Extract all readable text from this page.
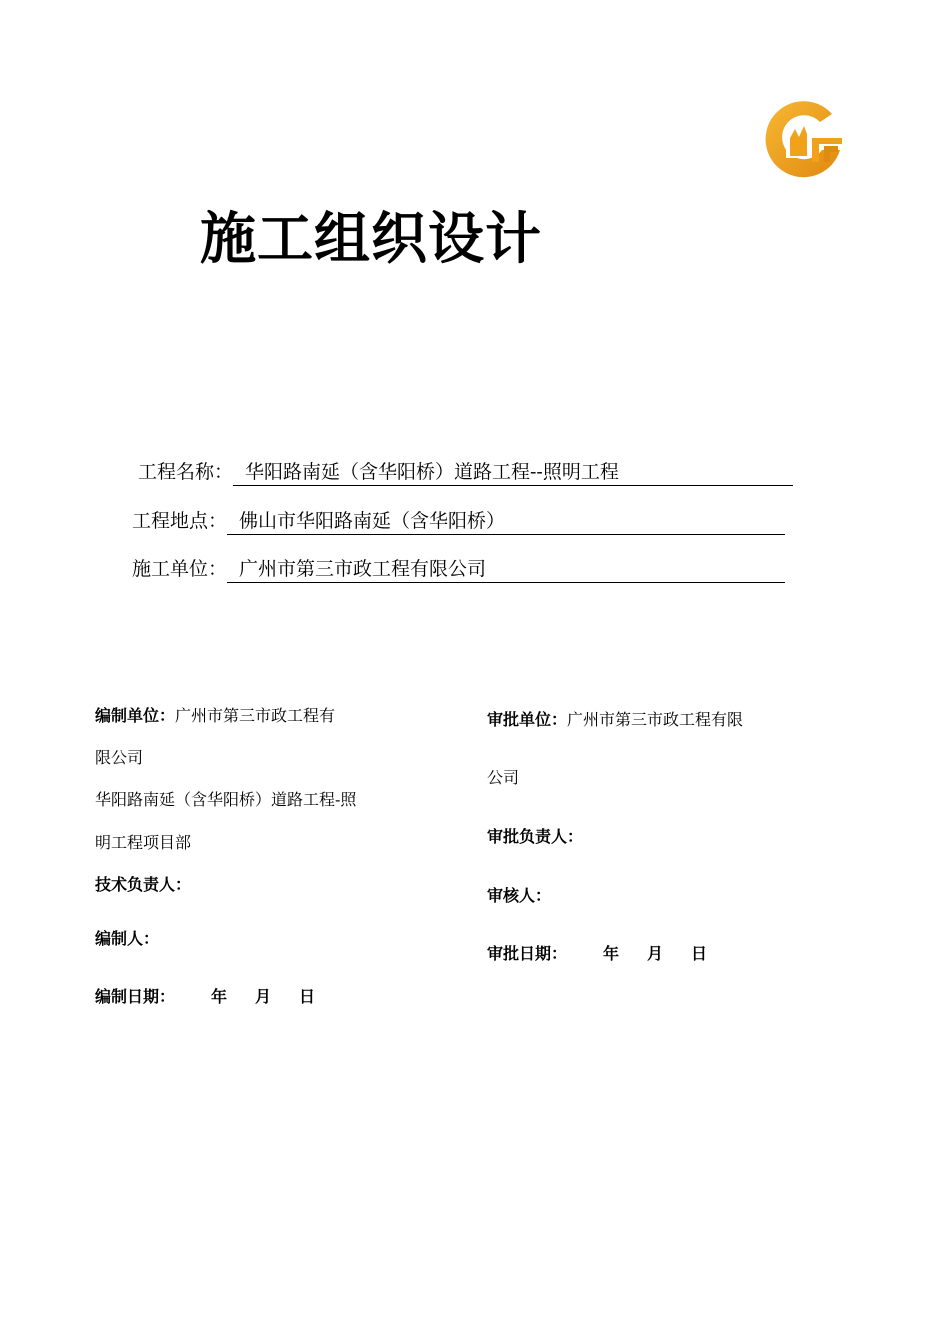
施工组织设计
工程名称： 华阳路南延（含华阳桥）道路工程--照明工程
工程地点： 佛山市华阳路南延（含华阳桥）
施工单位： 广州市第三市政工程有限公司
编制单位：广州市第三市政工程有
限公司
华阳路南延（含华阳桥）道路工程-照
明工程项目部
技术负责人：
编制人：
编制日期： 年 月 日
审批单位：广州市第三市政工程有限
公司
审批负责人：
审核人：
审批日期： 年 月 日
